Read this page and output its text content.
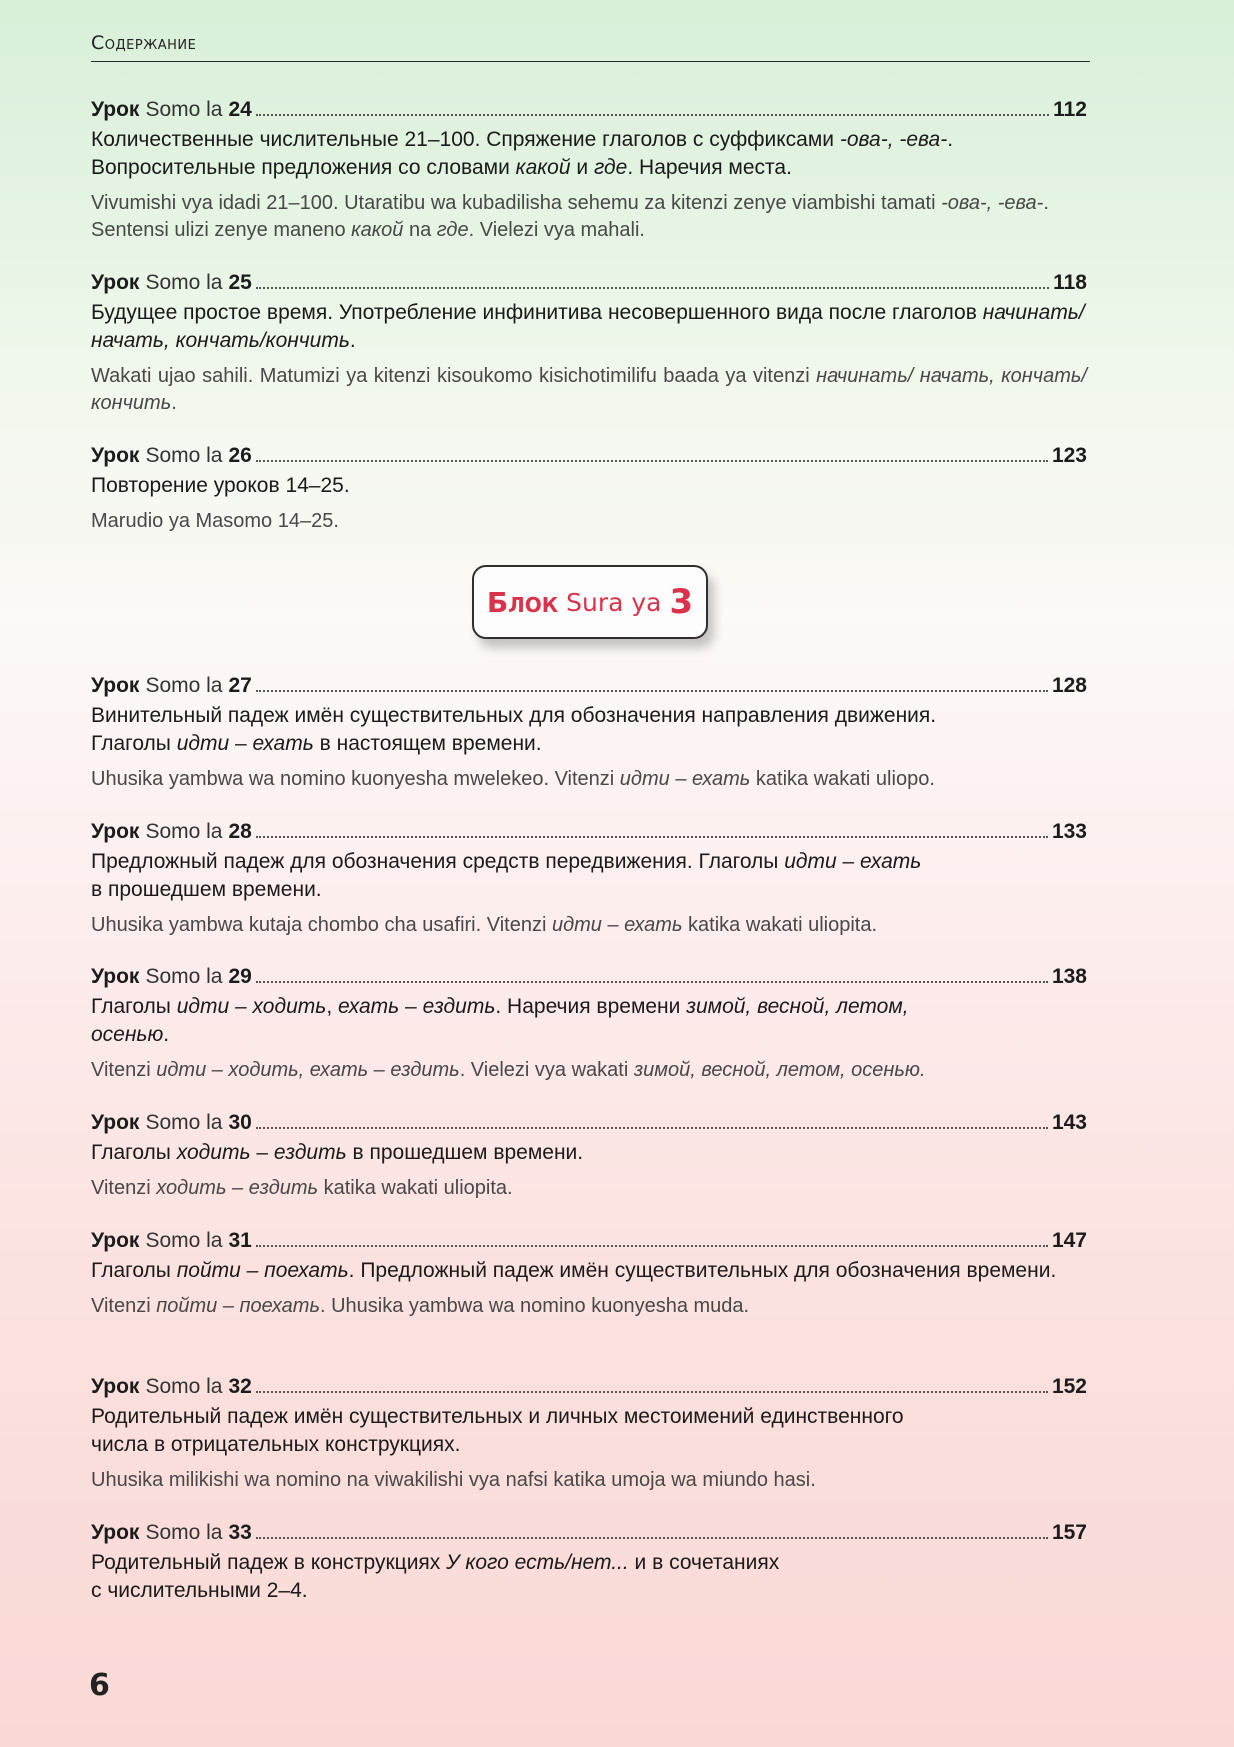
Содержание
Урок Somo la 24	112
Количественные числительные 21–100. Спряжение глаголов с суффиксами -ова-, -ева-.
Вопросительные предложения со словами какой и где. Наречия места.
Vivumishi vya idadi 21–100. Utaratibu wa kubadilisha sehemu za kitenzi zenye viambishi tamati -ова-, -ева-. Sentensi ulizi zenye maneno какой na где. Vielezi vya mahali.
Урок Somo la 25	118
Будущее простое время. Употребление инфинитива несовершенного вида после глаголов начинать/начать, кончать/кончить.
Wakati ujao sahili. Matumizi ya kitenzi kisoukomo kisichotimilifu baada ya vitenzi начинать/ начать, кончать/кончить.
Урок Somo la 26	123
Повторение уроков 14–25.
Marudio ya Masomo 14–25.
Блок Sura ya 3
Урок Somo la 27	128
Винительный падеж имён существительных для обозначения направления движения.
Глаголы идти – ехать в настоящем времени.
Uhusika yambwa wa nomino kuonyesha mwelekeo. Vitenzi идти – ехать katika wakati uliopo.
Урок Somo la 28	133
Предложный падеж для обозначения средств передвижения. Глаголы идти – ехать
в прошедшем времени.
Uhusika yambwa kutaja chombo cha usafiri. Vitenzi идти – ехать katika wakati uliopita.
Урок Somo la 29	138
Глаголы идти – ходить, ехать – ездить. Наречия времени зимой, весной, летом,
осенью.
Vitenzi идти – ходить, ехать – ездить. Vielezi vya wakati зимой, весной, летом, осенью.
Урок Somo la 30	143
Глаголы ходить – ездить в прошедшем времени.
Vitenzi ходить – ездить katika wakati uliopita.
Урок Somo la 31	147
Глаголы пойти – поехать. Предложный падеж имён существительных для обозначения времени.
Vitenzi пойти – поехать. Uhusika yambwa wa nomino kuonyesha muda.
Урок Somo la 32	152
Родительный падеж имён существительных и личных местоимений единственного
числа в отрицательных конструкциях.
Uhusika milikishi wa nomino na viwakilishi vya nafsi katika umoja wa miundo hasi.
Урок Somo la 33	157
Родительный падеж в конструкциях У кого есть/нет... и в сочетаниях
с числительными 2–4.
6
